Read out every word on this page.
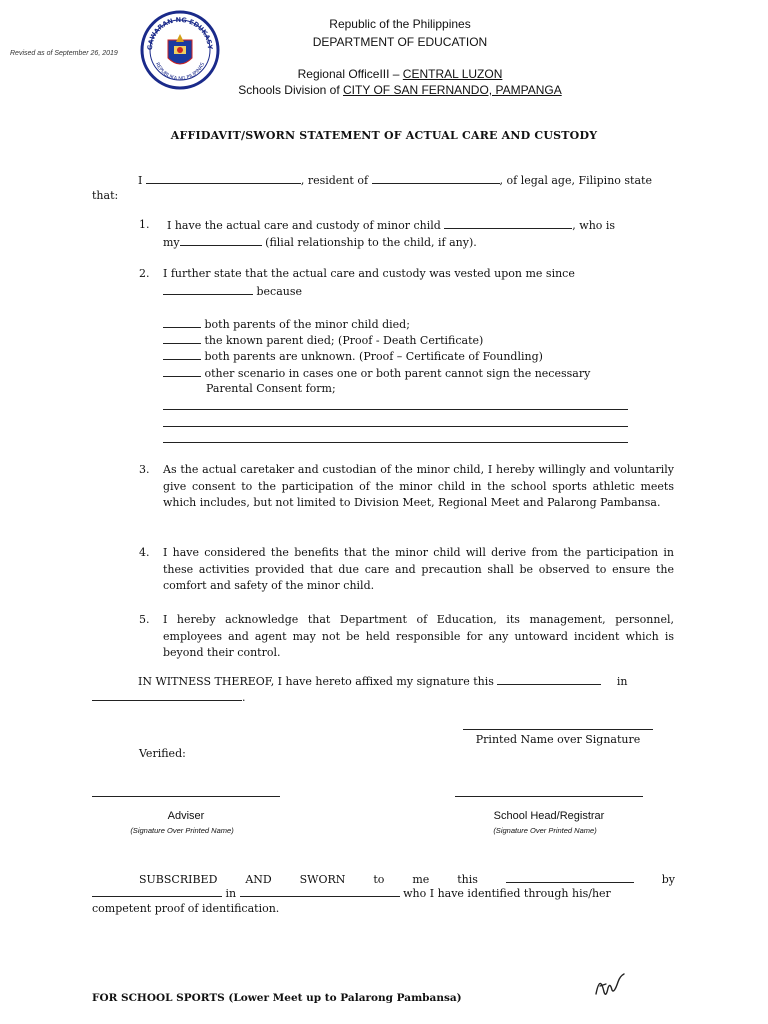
GAWARAN NG EDUKASY
REPUBLIKA NG PILIPINAS
Revised as of September 26, 2019
Republic of the Philippines
DEPARTMENT OF EDUCATION
Regional OfficeIII – CENTRAL LUZON
Schools Division of CITY OF SAN FERNANDO, PAMPANGA
AFFIDAVIT/SWORN STATEMENT OF ACTUAL CARE AND CUSTODY
I	, resident of	, of legal age, Filipino state
that:
1. I have the actual care and custody of minor child	, who is
my	(filial relationship to the child, if any).
2. I further state that the actual care and custody was vested upon me since
because
both parents of the minor child died;
the known parent died; (Proof - Death Certificate)
both parents are unknown. (Proof – Certificate of Foundling)
other scenario in cases one or both parent cannot sign the necessary
Parental Consent form;
3. As the actual caretaker and custodian of the minor child, I hereby willingly and voluntarily give consent to the participation of the minor child in the school sports athletic meets which includes, but not limited to Division Meet, Regional Meet and Palarong Pambansa.
4. I have considered the benefits that the minor child will derive from the participation in these activities provided that due care and precaution shall be observed to ensure the comfort and safety of the minor child.
5. I hereby acknowledge that Department of Education, its management, personnel, employees and agent may not be held responsible for any untoward incident which is beyond their control.
IN WITNESS THEREOF, I have hereto affixed my signature this	in
.
Printed Name over Signature
Verified:
Adviser
(Signature Over Printed Name)
School Head/Registrar
(Signature Over Printed Name)
SUBSCRIBED	AND	SWORN	to	me	this	by
in	who I have identified through his/her
competent proof of identification.
FOR SCHOOL SPORTS (Lower Meet up to Palarong Pambansa)
